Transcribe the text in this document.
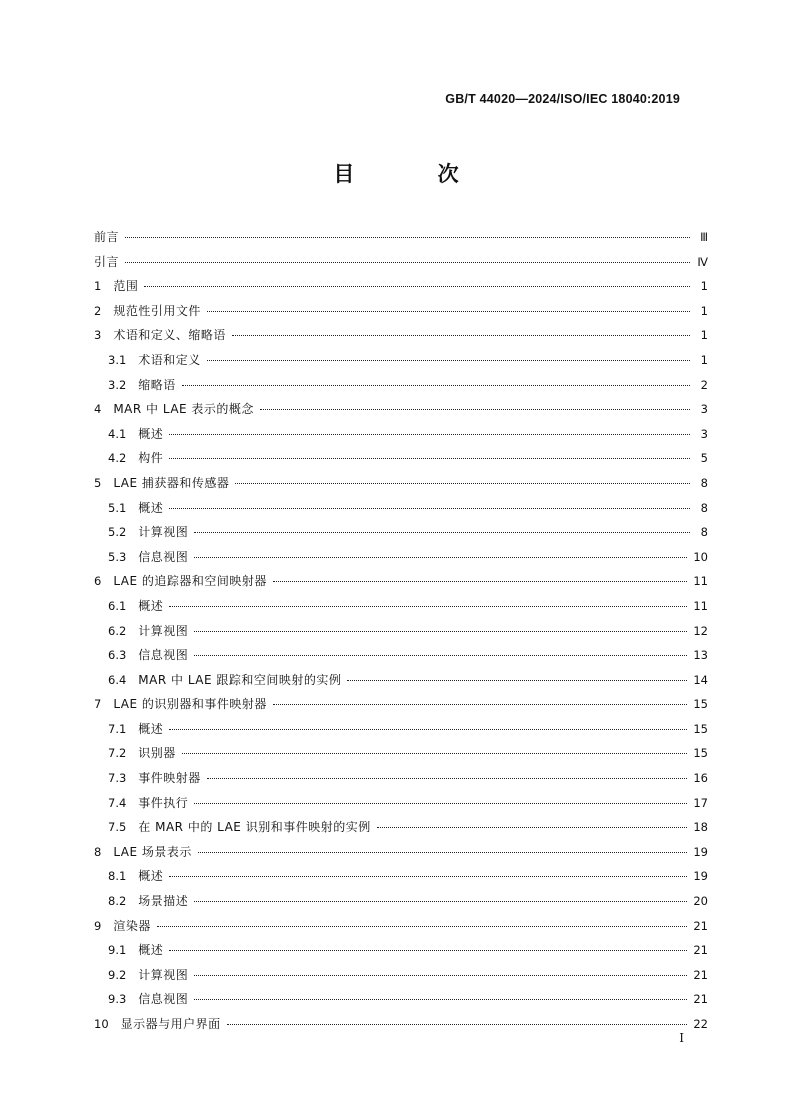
GB/T 44020—2024/ISO/IEC 18040:2019
目 次
前言	Ⅲ
引言	Ⅳ
1 范围	1
2 规范性引用文件	1
3 术语和定义、缩略语	1
3.1 术语和定义	1
3.2 缩略语	2
4 MAR 中 LAE 表示的概念	3
4.1 概述	3
4.2 构件	5
5 LAE 捕获器和传感器	8
5.1 概述	8
5.2 计算视图	8
5.3 信息视图	10
6 LAE 的追踪器和空间映射器	11
6.1 概述	11
6.2 计算视图	12
6.3 信息视图	13
6.4 MAR 中 LAE 跟踪和空间映射的实例	14
7 LAE 的识别器和事件映射器	15
7.1 概述	15
7.2 识别器	15
7.3 事件映射器	16
7.4 事件执行	17
7.5 在 MAR 中的 LAE 识别和事件映射的实例	18
8 LAE 场景表示	19
8.1 概述	19
8.2 场景描述	20
9 渲染器	21
9.1 概述	21
9.2 计算视图	21
9.3 信息视图	21
10 显示器与用户界面	22
I
